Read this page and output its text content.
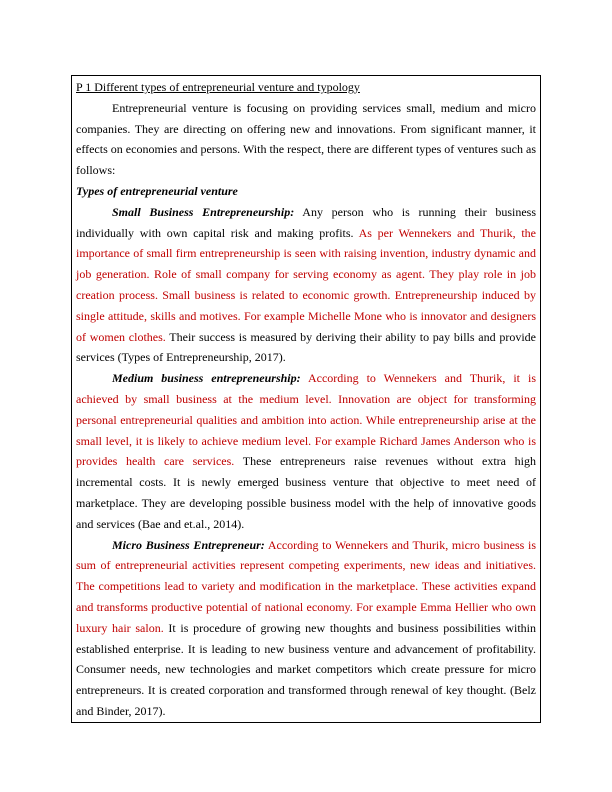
P 1 Different types of entrepreneurial venture and typology

Entrepreneurial venture is focusing on providing services small, medium and micro companies. They are directing on offering new and innovations. From significant manner, it effects on economies and persons. With the respect, there are different types of ventures such as follows:

Types of entrepreneurial venture

Small Business Entrepreneurship: Any person who is running their business individually with own capital risk and making profits. As per Wennekers and Thurik, the importance of small firm entrepreneurship is seen with raising invention, industry dynamic and job generation. Role of small company for serving economy as agent. They play role in job creation process. Small business is related to economic growth. Entrepreneurship induced by single attitude, skills and motives. For example Michelle Mone who is innovator and designers of women clothes. Their success is measured by deriving their ability to pay bills and provide services (Types of Entrepreneurship, 2017).

Medium business entrepreneurship: According to Wennekers and Thurik, it is achieved by small business at the medium level. Innovation are object for transforming personal entrepreneurial qualities and ambition into action. While entrepreneurship arise at the small level, it is likely to achieve medium level. For example Richard James Anderson who is provides health care services. These entrepreneurs raise revenues without extra high incremental costs. It is newly emerged business venture that objective to meet need of marketplace. They are developing possible business model with the help of innovative goods and services (Bae and et.al., 2014).

Micro Business Entrepreneur: According to Wennekers and Thurik, micro business is sum of entrepreneurial activities represent competing experiments, new ideas and initiatives. The competitions lead to variety and modification in the marketplace. These activities expand and transforms productive potential of national economy. For example Emma Hellier who own luxury hair salon. It is procedure of growing new thoughts and business possibilities within established enterprise. It is leading to new business venture and advancement of profitability. Consumer needs, new technologies and market competitors which create pressure for micro entrepreneurs. It is created corporation and transformed through renewal of key thought. (Belz and Binder, 2017).
